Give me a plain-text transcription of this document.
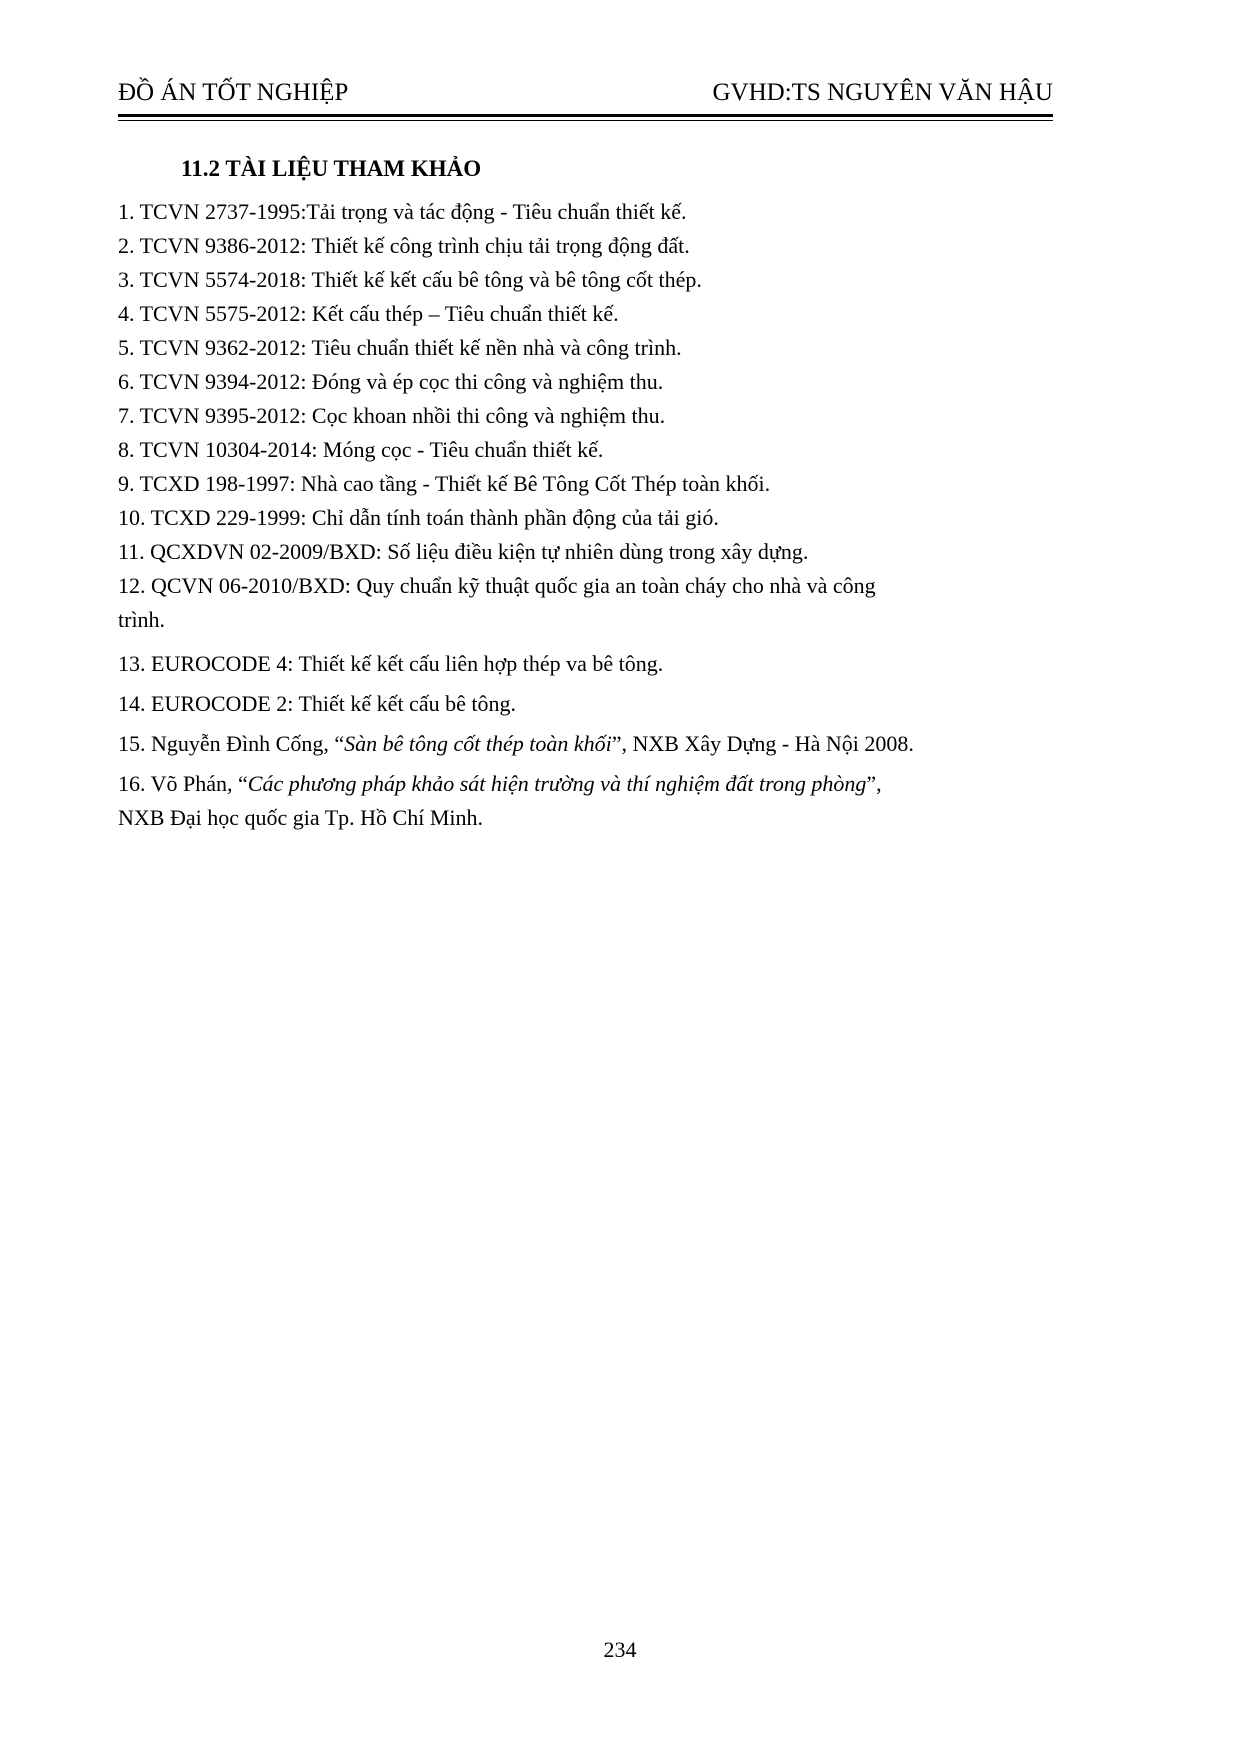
ĐỒ ÁN TỐT NGHIỆP	GVHD:TS NGUYÊN VĂN HẬU
11.2 TÀI LIỆU THAM KHẢO
1. TCVN 2737-1995:Tải trọng và tác động - Tiêu chuẩn thiết kế.
2. TCVN 9386-2012: Thiết kế công trình chịu tải trọng động đất.
3. TCVN 5574-2018: Thiết kế kết cấu bê tông và bê tông cốt thép.
4. TCVN 5575-2012: Kết cấu thép – Tiêu chuẩn thiết kế.
5. TCVN 9362-2012: Tiêu chuẩn thiết kế nền nhà và công trình.
6. TCVN 9394-2012: Đóng và ép cọc thi công và nghiệm thu.
7. TCVN 9395-2012: Cọc khoan nhồi thi công và nghiệm thu.
8. TCVN 10304-2014: Móng cọc - Tiêu chuẩn thiết kế.
9. TCXD 198-1997: Nhà cao tầng - Thiết kế Bê Tông Cốt Thép toàn khối.
10. TCXD 229-1999: Chỉ dẫn tính toán thành phần động của tải gió.
11. QCXDVN 02-2009/BXD: Số liệu điều kiện tự nhiên dùng trong xây dựng.
12. QCVN 06-2010/BXD: Quy chuẩn kỹ thuật quốc gia an toàn cháy cho nhà và công
trình.
13. EUROCODE 4: Thiết kế kết cấu liên hợp thép va bê tông.
14. EUROCODE 2: Thiết kế kết cấu bê tông.
15. Nguyễn Đình Cống, “Sàn bê tông cốt thép toàn khối”, NXB Xây Dựng - Hà Nội 2008.
16. Võ Phán, “Các phương pháp khảo sát hiện trường và thí nghiệm đất trong phòng”,
NXB Đại học quốc gia Tp. Hồ Chí Minh.
234
